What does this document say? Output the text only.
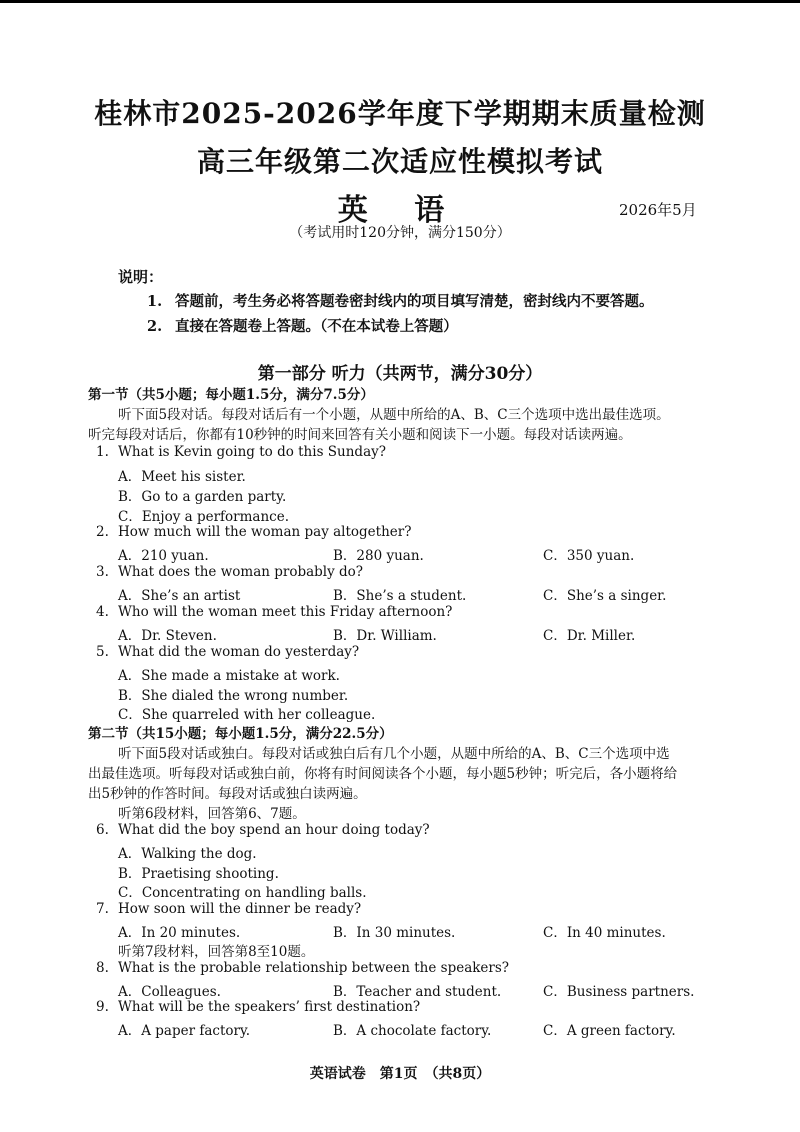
桂林市2025-2026学年度下学期期末质量检测
高三年级第二次适应性模拟考试
英 语	2026年5月
（考试用时120分钟，满分150分）
说明：
1. 答题前，考生务必将答题卷密封线内的项目填写清楚，密封线内不要答题。
2. 直接在答题卷上答题。（不在本试卷上答题）
第一部分 听力（共两节，满分30分）
第一节（共5小题；每小题1.5分，满分7.5分）
听下面5段对话。每段对话后有一个小题，从题中所给的A、B、C三个选项中选出最佳选项。
听完每段对话后，你都有10秒钟的时间来回答有关小题和阅读下一小题。每段对话读两遍。
1. What is Kevin going to do this Sunday?
A．Meet his sister.
B．Go to a garden party.
C．Enjoy a performance.
2. How much will the woman pay altogether?
A．210 yuan.	B．280 yuan.	C．350 yuan.
3. What does the woman probably do?
A．She’s an artist	B．She’s a student.	C．She’s a singer.
4. Who will the woman meet this Friday afternoon?
A．Dr. Steven.	B．Dr. William.	C．Dr. Miller.
5. What did the woman do yesterday?
A．She made a mistake at work.
B．She dialed the wrong number.
C．She quarreled with her colleague.
第二节（共15小题；每小题1.5分，满分22.5分）
听下面5段对话或独白。每段对话或独白后有几个小题，从题中所给的A、B、C三个选项中选
出最佳选项。听每段对话或独白前，你将有时间阅读各个小题，每小题5秒钟；听完后，各小题将给
出5秒钟的作答时间。每段对话或独白读两遍。
听第6段材料，回答第6、7题。
6. What did the boy spend an hour doing today?
A．Walking the dog.
B．Praetising shooting.
C．Concentrating on handling balls.
7. How soon will the dinner be ready?
A．In 20 minutes.	B．In 30 minutes.	C．In 40 minutes.
听第7段材料，回答第8至10题。
8. What is the probable relationship between the speakers?
A．Colleagues.	B．Teacher and student.	C．Business partners.
9. What will be the speakers’ first destination?
A．A paper factory.	B．A chocolate factory.	C．A green factory.
英语试卷　第1页　（共8页）
